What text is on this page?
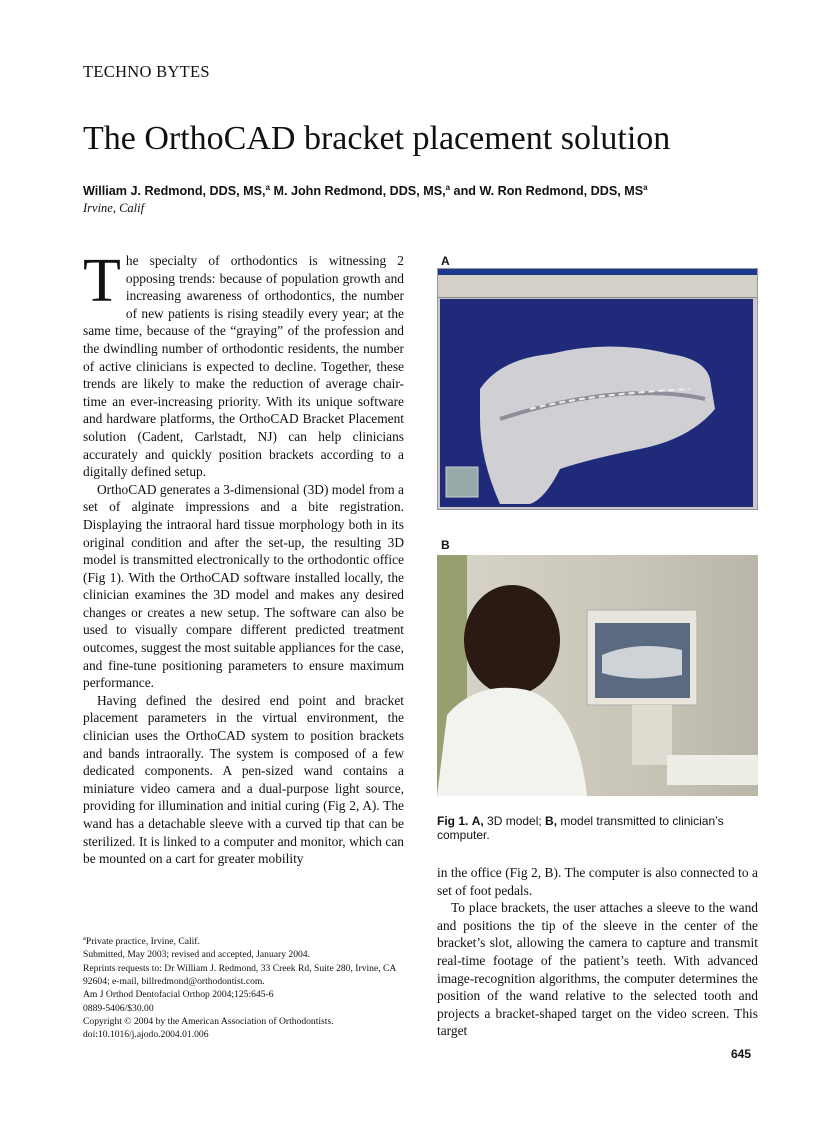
TECHNO BYTES
The OrthoCAD bracket placement solution
William J. Redmond, DDS, MS,$^a$ M. John Redmond, DDS, MS,$^a$ and W. Ron Redmond, DDS, $MS^a$
Irvine, Calif

The specialty of orthodontics is witnessing 2 opposing trends: because of population growth and increasing awareness of orthodontics, the number of new patients is rising steadily every year; at the same time, because of the “graying” of the profession and the dwindling number of orthodontic residents, the number of active clinicians is expected to decline. Together, these trends are likely to make the reduction of average chair-time an ever-increasing priority. With its unique software and hardware platforms, the OrthoCAD Bracket Placement solution (Cadent, Carlstadt, NJ) can help clinicians accurately and quickly position brackets according to a digitally defined setup.

OrthoCAD generates a 3-dimensional (3D) model from a set of alginate impressions and a bite registration. Displaying the intraoral hard tissue morphology both in its original condition and after the set-up, the resulting 3D model is transmitted electronically to the orthodontic office (Fig 1). With the OrthoCAD software installed locally, the clinician examines the 3D model and makes any desired changes or creates a new setup. The software can also be used to visually compare different predicted treatment outcomes, suggest the most suitable appliances for the case, and fine-tune positioning parameters to ensure maximum performance.

Having defined the desired end point and bracket placement parameters in the virtual environment, the clinician uses the OrthoCAD system to position brackets and bands intraorally. The system is composed of a few dedicated components. A pen-sized wand contains a miniature video camera and a dual-purpose light source, providing for illumination and initial curing (Fig 2, A). The wand has a detachable sleeve with a curved tip that can be sterilized. It is linked to a computer and monitor, which can be mounted on a cart for greater mobility

$^a$Private practice, Irvine, Calif.
Submitted, May 2003; revised and accepted, January 2004.
Reprints requests to: Dr William J. Redmond, 33 Creek Rd, Suite 280, Irvine, CA 92604; e-mail, billredmond@orthodontist.com.
Am J Orthod Dentofacial Orthop 2004;125:645-6
0889-5406/$30.00
Copyright © 2004 by the American Association of Orthodontists.
doi:10.1016/j.ajodo.2004.01.006
A
B
Fig 1. A, 3D model; B, model transmitted to clinician’s computer.

in the office (Fig 2, B). The computer is also connected to a set of foot pedals.

To place brackets, the user attaches a sleeve to the wand and positions the tip of the sleeve in the center of the bracket’s slot, allowing the camera to capture and transmit real-time footage of the patient’s teeth. With advanced image-recognition algorithms, the computer determines the position of the wand relative to the selected tooth and projects a bracket-shaped target on the video screen. This target

645
